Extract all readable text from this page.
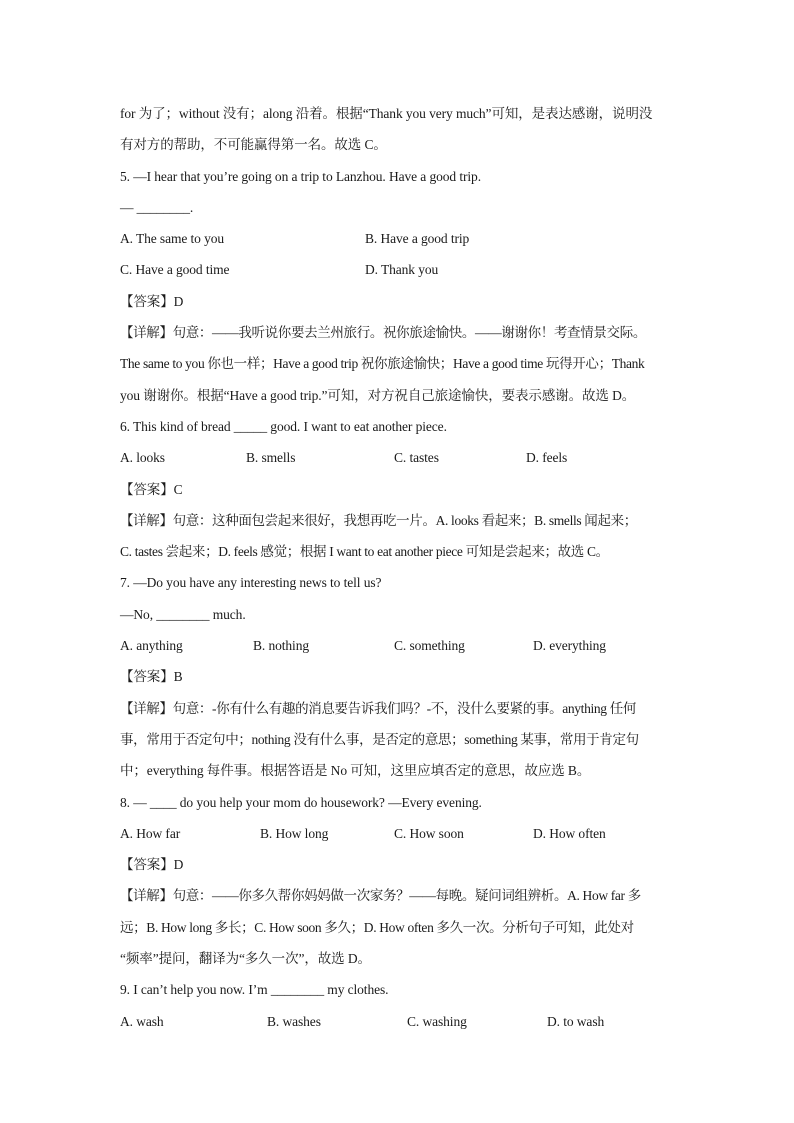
for 为了；without 没有；along 沿着。根据“Thank you very much”可知，是表达感谢，说明没
有对方的帮助，不可能赢得第一名。故选 C。
5. —I hear that you’re going on a trip to Lanzhou. Have a good trip.
— ________.
A. The same to you	B. Have a good trip
C. Have a good time	D. Thank you
【答案】D
【详解】句意：——我听说你要去兰州旅行。祝你旅途愉快。——谢谢你！考查情景交际。
The same to you 你也一样；Have a good trip 祝你旅途愉快；Have a good time 玩得开心；Thank
you 谢谢你。根据“Have a good trip.”可知，对方祝自己旅途愉快，要表示感谢。故选 D。
6. This kind of bread _____ good. I want to eat another piece.
A. looks	B. smells	C. tastes	D. feels
【答案】C
【详解】句意：这种面包尝起来很好，我想再吃一片。A. looks 看起来；B. smells 闻起来；
C. tastes 尝起来；D. feels 感觉；根据 I want to eat another piece 可知是尝起来；故选 C。
7. —Do you have any interesting news to tell us?
—No, ________ much.
A. anything	B. nothing	C. something	D. everything
【答案】B
【详解】句意：-你有什么有趣的消息要告诉我们吗？-不，没什么要紧的事。anything 任何
事，常用于否定句中；nothing 没有什么事，是否定的意思；something 某事，常用于肯定句
中；everything 每件事。根据答语是 No 可知，这里应填否定的意思，故应选 B。
8. — ____ do you help your mom do housework? —Every evening.
A. How far	B. How long	C. How soon	D. How often
【答案】D
【详解】句意：——你多久帮你妈妈做一次家务？——每晚。疑问词组辨析。A. How far 多
远；B. How long 多长；C. How soon 多久；D. How often 多久一次。分析句子可知，此处对
“频率”提问，翻译为“多久一次”，故选 D。
9. I can’t help you now. I’m ________ my clothes.
A. wash	B. washes	C. washing	D. to wash
